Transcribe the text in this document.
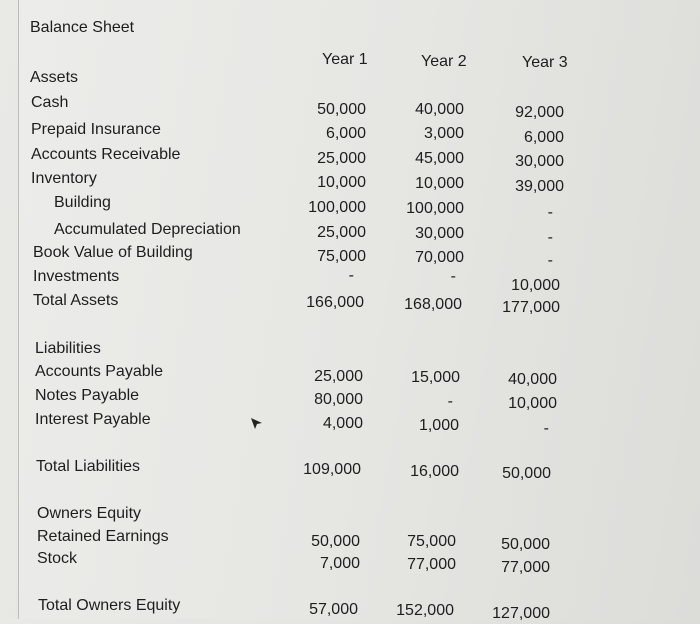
Balance Sheet
Year 1	Year 2	Year 3
Assets
Cash
Prepaid Insurance
Accounts Receivable
Inventory
Building
Accumulated Depreciation
Book Value of Building
Investments
Total Assets
50,000
6,000
25,000
10,000
100,000
25,000
75,000
-
166,000
40,000
3,000
45,000
10,000
100,000
30,000
70,000
-
168,000
92,000
6,000
30,000
39,000
-
-
-
10,000
177,000
Liabilities
Accounts Payable
Notes Payable
Interest Payable
Total Liabilities
25,000
80,000
4,000
109,000
15,000
-
1,000
16,000
40,000
10,000
-
50,000
Owners Equity
Retained Earnings
Stock
Total Owners Equity
50,000
7,000
57,000
75,000
77,000
152,000
50,000
77,000
127,000
